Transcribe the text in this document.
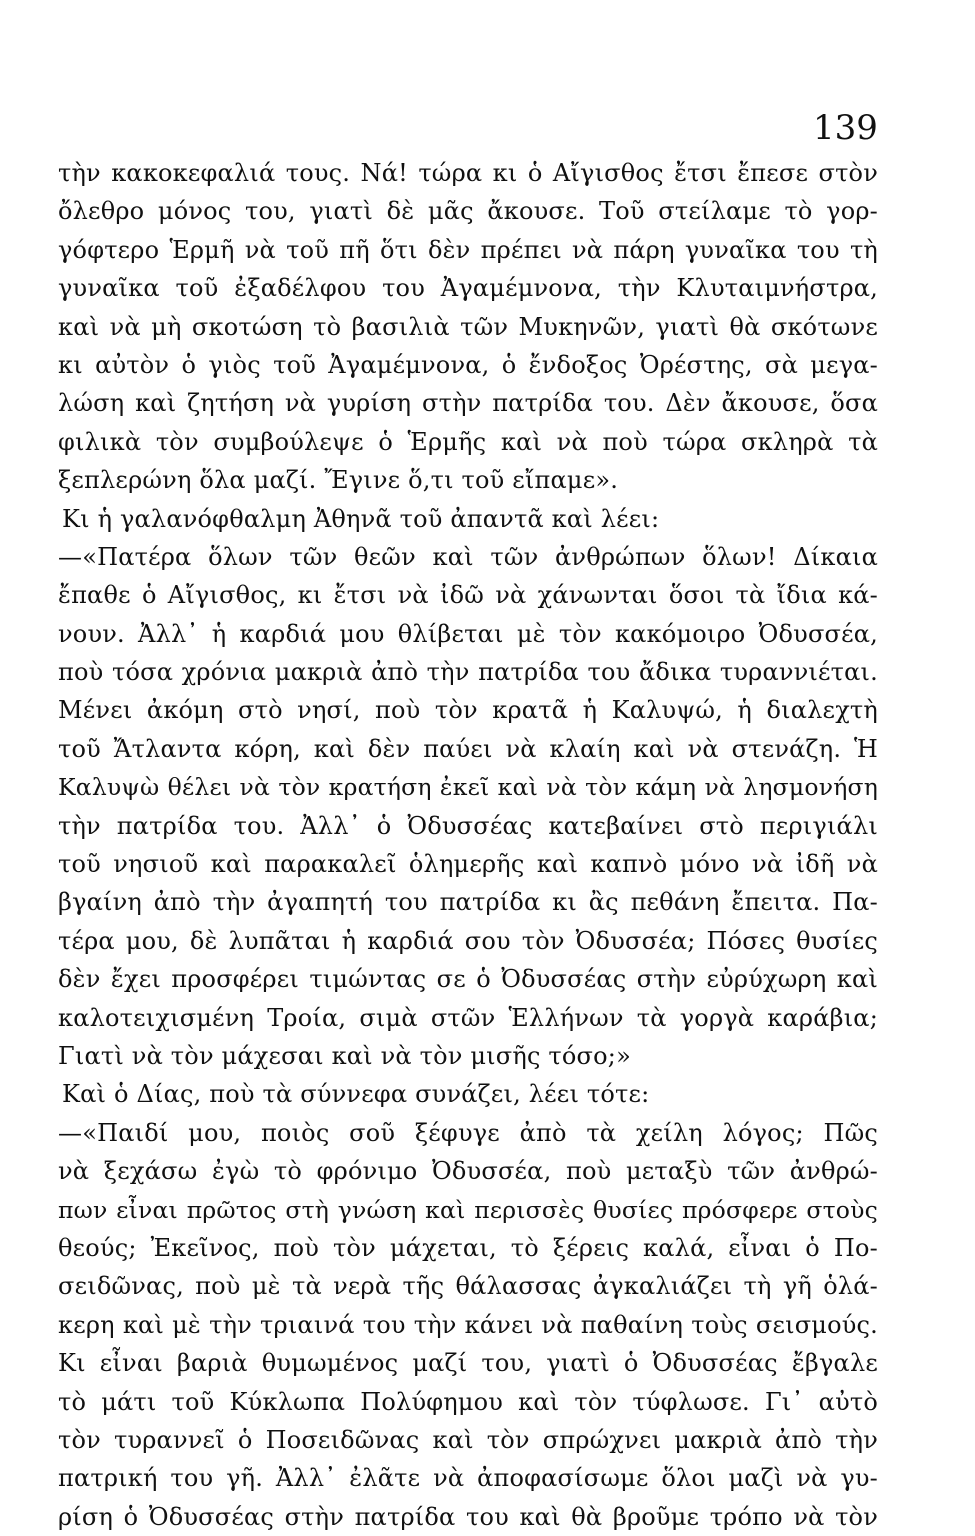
139
τὴν κακοκεφαλιά τους. Νά! τώρα κι ὁ Αἴγισθος ἔτσι ἔπεσε στὸν
ὄλεθρο μόνος του, γιατὶ δὲ μᾶς ἄκουσε. Τοῦ στείλαμε τὸ γορ-
γόφτερο Ἑρμῆ νὰ τοῦ πῆ ὅτι δὲν πρέπει νὰ πάρη γυναῖκα του τὴ
γυναῖκα τοῦ ἐξαδέλφου του Ἀγαμέμνονα, τὴν Κλυταιμνήστρα,
καὶ νὰ μὴ σκοτώση τὸ βασιλιὰ τῶν Μυκηνῶν, γιατὶ θὰ σκότωνε
κι αὐτὸν ὁ γιὸς τοῦ Ἀγαμέμνονα, ὁ ἔνδοξος Ὀρέστης, σὰ μεγα-
λώση καὶ ζητήση νὰ γυρίση στὴν πατρίδα του. Δὲν ἄκουσε, ὅσα
φιλικὰ τὸν συμβούλεψε ὁ Ἑρμῆς καὶ νὰ ποὺ τώρα σκληρὰ τὰ
ξεπλερώνη ὅλα μαζί. Ἔγινε ὅ,τι τοῦ εἴπαμε».
Κι ἡ γαλανόφθαλμη Ἀθηνᾶ τοῦ ἀπαντᾶ καὶ λέει:
—«Πατέρα ὅλων τῶν θεῶν καὶ τῶν ἀνθρώπων ὅλων! Δίκαια
ἔπαθε ὁ Αἴγισθος, κι ἔτσι νὰ ἰδῶ νὰ χάνωνται ὅσοι τὰ ἴδια κά-
νουν. Ἀλλ᾿ ἡ καρδιά μου θλίβεται μὲ τὸν κακόμοιρο Ὀδυσσέα,
ποὺ τόσα χρόνια μακριὰ ἀπὸ τὴν πατρίδα του ἄδικα τυραννιέται.
Μένει ἀκόμη στὸ νησί, ποὺ τὸν κρατᾶ ἡ Καλυψώ, ἡ διαλεχτὴ
τοῦ Ἄτλαντα κόρη, καὶ δὲν παύει νὰ κλαίη καὶ νὰ στενάζη. Ἡ
Καλυψὼ θέλει νὰ τὸν κρατήση ἐκεῖ καὶ νὰ τὸν κάμη νὰ λησμονήση
τὴν πατρίδα του. Ἀλλ᾿ ὁ Ὀδυσσέας κατεβαίνει στὸ περιγιάλι
τοῦ νησιοῦ καὶ παρακαλεῖ ὁλημερῆς καὶ καπνὸ μόνο νὰ ἰδῆ νὰ
βγαίνη ἀπὸ τὴν ἀγαπητή του πατρίδα κι ἂς πεθάνη ἔπειτα. Πα-
τέρα μου, δὲ λυπᾶται ἡ καρδιά σου τὸν Ὀδυσσέα; Πόσες θυσίες
δὲν ἔχει προσφέρει τιμώντας σε ὁ Ὀδυσσέας στὴν εὐρύχωρη καὶ
καλοτειχισμένη Τροία, σιμὰ στῶν Ἑλλήνων τὰ γοργὰ καράβια;
Γιατὶ νὰ τὸν μάχεσαι καὶ νὰ τὸν μισῆς τόσο;»
Καὶ ὁ Δίας, ποὺ τὰ σύννεφα συνάζει, λέει τότε:
—«Παιδί μου, ποιὸς σοῦ ξέφυγε ἀπὸ τὰ χείλη λόγος; Πῶς
νὰ ξεχάσω ἐγὼ τὸ φρόνιμο Ὀδυσσέα, ποὺ μεταξὺ τῶν ἀνθρώ-
πων εἶναι πρῶτος στὴ γνώση καὶ περισσὲς θυσίες πρόσφερε στοὺς
θεούς; Ἐκεῖνος, ποὺ τὸν μάχεται, τὸ ξέρεις καλά, εἶναι ὁ Πο-
σειδῶνας, ποὺ μὲ τὰ νερὰ τῆς θάλασσας ἀγκαλιάζει τὴ γῆ ὁλά-
κερη καὶ μὲ τὴν τριαινά του τὴν κάνει νὰ παθαίνη τοὺς σεισμούς.
Κι εἶναι βαριὰ θυμωμένος μαζί του, γιατὶ ὁ Ὀδυσσέας ἔβγαλε
τὸ μάτι τοῦ Κύκλωπα Πολύφημου καὶ τὸν τύφλωσε. Γι᾿ αὐτὸ
τὸν τυραννεῖ ὁ Ποσειδῶνας καὶ τὸν σπρώχνει μακριὰ ἀπὸ τὴν
πατρική του γῆ. Ἀλλ᾿ ἐλᾶτε νὰ ἀποφασίσωμε ὅλοι μαζὶ νὰ γυ-
ρίση ὁ Ὀδυσσέας στὴν πατρίδα του καὶ θὰ βροῦμε τρόπο νὰ τὸν
